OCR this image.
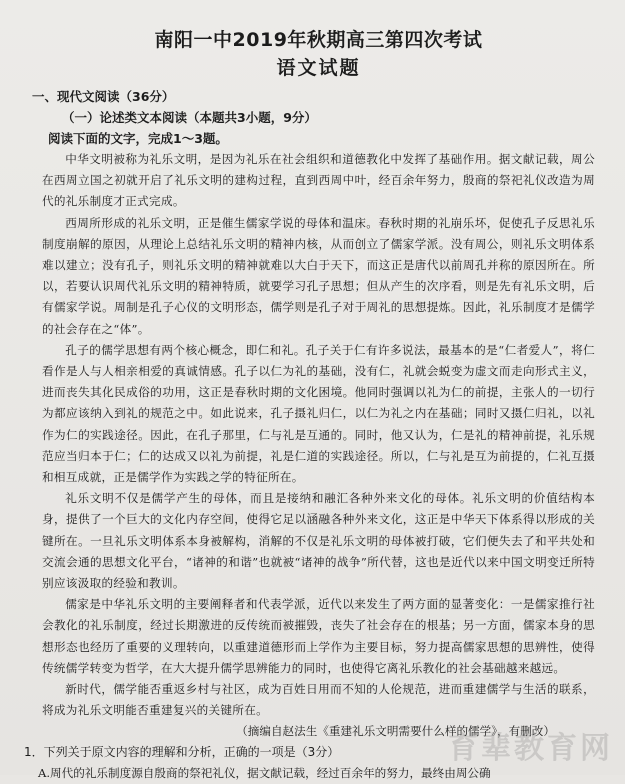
南阳一中2019年秋期高三第四次考试
语文试题

一、现代文阅读（36分）

（一）论述类文本阅读（本题共3小题，9分）

阅读下面的文字，完成1～3题。

中华文明被称为礼乐文明，是因为礼乐在社会组织和道德教化中发挥了基础作用。据文献记载，周公在西周立国之初就开启了礼乐文明的建构过程，直到西周中叶，经百余年努力，殷商的祭祀礼仪改造为周代的礼乐制度才正式完成。

西周所形成的礼乐文明，正是催生儒家学说的母体和温床。春秋时期的礼崩乐坏，促使孔子反思礼乐制度崩解的原因，从理论上总结礼乐文明的精神内核，从而创立了儒家学派。没有周公，则礼乐文明体系难以建立；没有孔子，则礼乐文明的精神就难以大白于天下，而这正是唐代以前周孔并称的原因所在。所以，若要认识周代礼乐文明的精神特质，就要学习孔子思想；但从产生的次序看，则是先有礼乐文明，后有儒家学说。周制是孔子心仪的文明形态，儒学则是孔子对于周礼的思想提炼。因此，礼乐制度才是儒学的社会存在之“体”。

孔子的儒学思想有两个核心概念，即仁和礼。孔子关于仁有许多说法，最基本的是“仁者爱人”，将仁看作是人与人相亲相爱的真诚情感。孔子以仁为礼的基础，没有仁，礼就会蜕变为虚文而走向形式主义，进而丧失其化民成俗的功用，这正是春秋时期的文化困境。他同时强调以礼为仁的前提，主张人的一切行为都应该纳入到礼的规范之中。如此说来，孔子摄礼归仁，以仁为礼之内在基础；同时又摄仁归礼，以礼作为仁的实践途径。因此，在孔子那里，仁与礼是互通的。同时，他又认为，仁是礼的精神前提，礼乐规范应当归本于仁；仁的达成又以礼为前提，礼是仁道的实践途径。所以，仁与礼是互为前提的，仁礼互摄和相互成就，正是儒学作为实践之学的特征所在。

礼乐文明不仅是儒学产生的母体，而且是接纳和融汇各种外来文化的母体。礼乐文明的价值结构本身，提供了一个巨大的文化内存空间，使得它足以涵融各种外来文化，这正是中华天下体系得以形成的关键所在。一旦礼乐文明体系本身被解构，消解的不仅是礼乐文明的母体被打破，它们便失去了和平共处和交流会通的思想文化平台，“诸神的和谐”也就被“诸神的战争”所代替，这也是近代以来中国文明变迁所特别应该汲取的经验和教训。

儒家是中华礼乐文明的主要阐释者和代表学派，近代以来发生了两方面的显著变化：一是儒家推行社会教化的礼乐制度，经过长期激进的反传统而被摧毁，丧失了社会存在的根基；另一方面，儒家本身的思想形态也经历了重要的义理转向，以重建道德形而上学作为主要目标，努力提高儒家思想的思辨性，使得传统儒学转变为哲学，在大大提升儒学思辨能力的同时，也使得它离礼乐教化的社会基础越来越远。

新时代，儒学能否重返乡村与社区，成为百姓日用而不知的人伦规范，进而重建儒学与生活的联系，将成为礼乐文明能否重建复兴的关键所在。

（摘编自赵法生《重建礼乐文明需要什么样的儒学》，有删改）

1．下列关于原文内容的理解和分析，正确的一项是（3分）

A.周代的礼乐制度源自殷商的祭祀礼仪，据文献记载，经过百余年的努力，最终由周公确

育辈教育网
